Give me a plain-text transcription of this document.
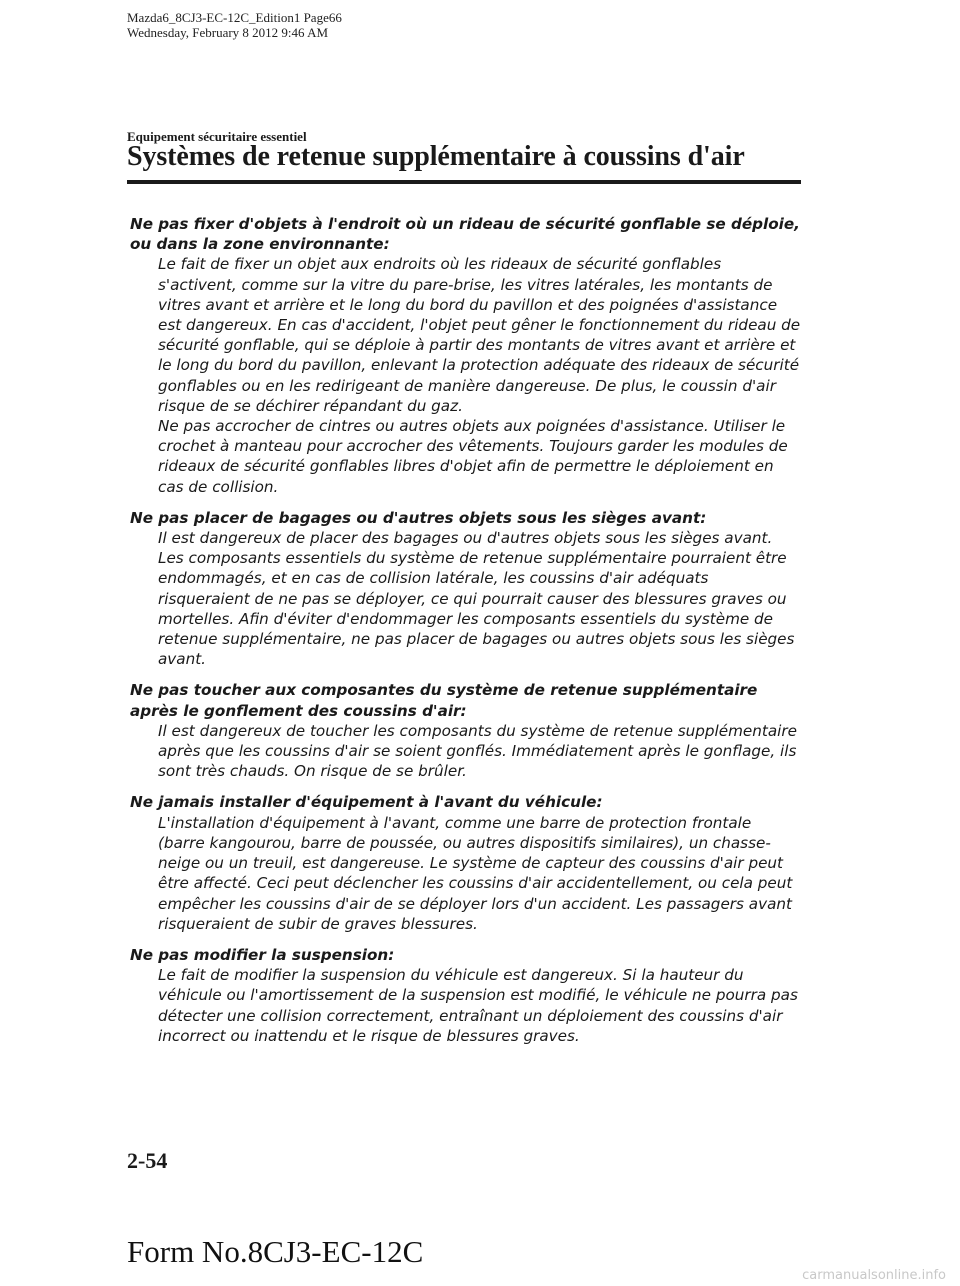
Mazda6_8CJ3-EC-12C_Edition1 Page66
Wednesday, February 8 2012 9:46 AM
Equipement sécuritaire essentiel
Systèmes de retenue supplémentaire à coussins d'air
Ne pas fixer d'objets à l'endroit où un rideau de sécurité gonflable se déploie, ou dans la zone environnante:

Le fait de fixer un objet aux endroits où les rideaux de sécurité gonflables s'activent, comme sur la vitre du pare-brise, les vitres latérales, les montants de vitres avant et arrière et le long du bord du pavillon et des poignées d'assistance est dangereux. En cas d'accident, l'objet peut gêner le fonctionnement du rideau de sécurité gonflable, qui se déploie à partir des montants de vitres avant et arrière et le long du bord du pavillon, enlevant la protection adéquate des rideaux de sécurité gonflables ou en les redirigeant de manière dangereuse. De plus, le coussin d'air risque de se déchirer répandant du gaz.

Ne pas accrocher de cintres ou autres objets aux poignées d'assistance. Utiliser le crochet à manteau pour accrocher des vêtements. Toujours garder les modules de rideaux de sécurité gonflables libres d'objet afin de permettre le déploiement en cas de collision.

Ne pas placer de bagages ou d'autres objets sous les sièges avant:

Il est dangereux de placer des bagages ou d'autres objets sous les sièges avant. Les composants essentiels du système de retenue supplémentaire pourraient être endommagés, et en cas de collision latérale, les coussins d'air adéquats risqueraient de ne pas se déployer, ce qui pourrait causer des blessures graves ou mortelles. Afin d'éviter d'endommager les composants essentiels du système de retenue supplémentaire, ne pas placer de bagages ou autres objets sous les sièges avant.

Ne pas toucher aux composantes du système de retenue supplémentaire après le gonflement des coussins d'air:

Il est dangereux de toucher les composants du système de retenue supplémentaire après que les coussins d'air se soient gonflés. Immédiatement après le gonflage, ils sont très chauds. On risque de se brûler.

Ne jamais installer d'équipement à l'avant du véhicule:

L'installation d'équipement à l'avant, comme une barre de protection frontale (barre kangourou, barre de poussée, ou autres dispositifs similaires), un chasse-neige ou un treuil, est dangereuse. Le système de capteur des coussins d'air peut être affecté. Ceci peut déclencher les coussins d'air accidentellement, ou cela peut empêcher les coussins d'air de se déployer lors d'un accident. Les passagers avant risqueraient de subir de graves blessures.

Ne pas modifier la suspension:

Le fait de modifier la suspension du véhicule est dangereux. Si la hauteur du véhicule ou l'amortissement de la suspension est modifié, le véhicule ne pourra pas détecter une collision correctement, entraînant un déploiement des coussins d'air incorrect ou inattendu et le risque de blessures graves.

2-54
Form No.8CJ3-EC-12C
carmanualsonline.info
